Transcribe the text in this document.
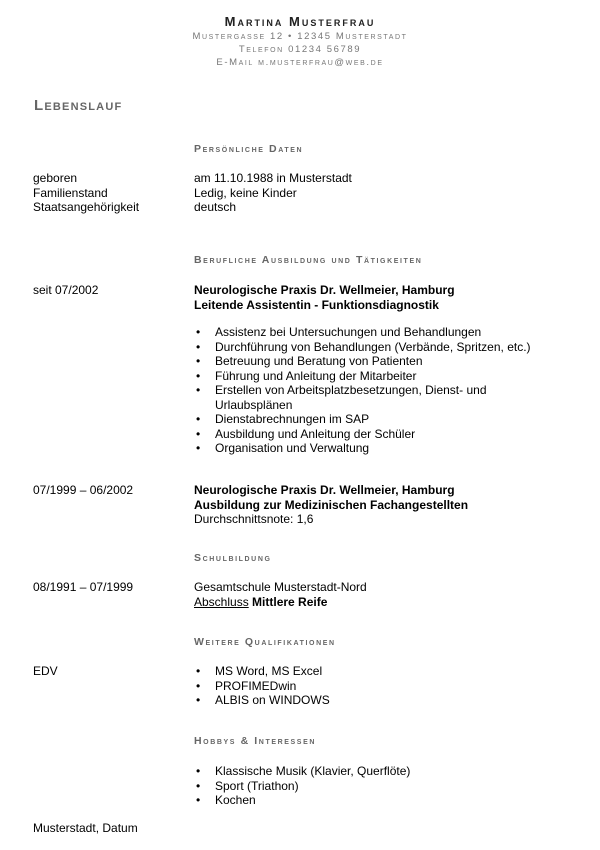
Martina Musterfrau
Mustergasse 12 • 12345 Musterstadt
Telefon 01234 56789
E-Mail m.musterfrau@web.de
Lebenslauf
Persönliche Daten
geboren	am 11.10.1988 in Musterstadt
Familienstand	Ledig, keine Kinder
Staatsangehörigkeit	deutsch
Berufliche Ausbildung und Tätigkeiten
seit 07/2002	Neurologische Praxis Dr. Wellmeier, Hamburg
Leitende Assistentin - Funktionsdiagnostik
• Assistenz bei Untersuchungen und Behandlungen
• Durchführung von Behandlungen (Verbände, Spritzen, etc.)
• Betreuung und Beratung von Patienten
• Führung und Anleitung der Mitarbeiter
• Erstellen von Arbeitsplatzbesetzungen, Dienst- und Urlaubsplänen
• Dienstabrechnungen im SAP
• Ausbildung und Anleitung der Schüler
• Organisation und Verwaltung
07/1999 – 06/2002	Neurologische Praxis Dr. Wellmeier, Hamburg
Ausbildung zur Medizinischen Fachangestellten
Durchschnittsnote: 1,6
Schulbildung
08/1991 – 07/1999	Gesamtschule Musterstadt-Nord
Abschluss Mittlere Reife
Weitere Qualifikationen
EDV
•	MS Word, MS Excel
• PROFIMEDwin
• ALBIS on WINDOWS
Hobbys & Interessen
• Klassische Musik (Klavier, Querflöte)
• Sport (Triathon)
• Kochen
Musterstadt, Datum
